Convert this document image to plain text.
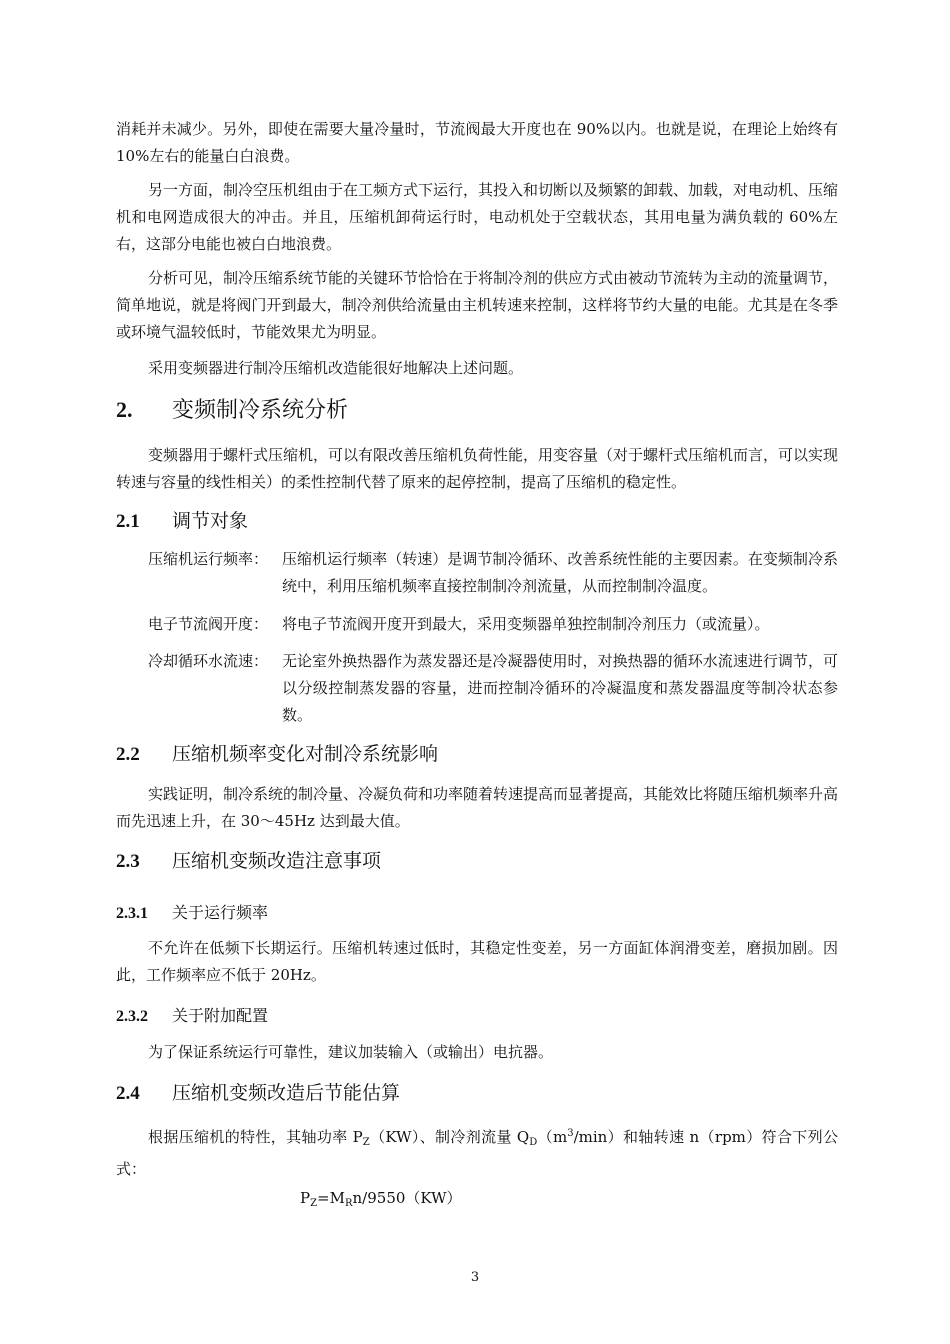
消耗并未减少。另外，即使在需要大量冷量时，节流阀最大开度也在 90%以内。也就是说，在理论上始终有 10%左右的能量白白浪费。

另一方面，制冷空压机组由于在工频方式下运行，其投入和切断以及频繁的卸载、加载，对电动机、压缩机和电网造成很大的冲击。并且，压缩机卸荷运行时，电动机处于空载状态，其用电量为满负载的 60%左右，这部分电能也被白白地浪费。

分析可见，制冷压缩系统节能的关键环节恰恰在于将制冷剂的供应方式由被动节流转为主动的流量调节，简单地说，就是将阀门开到最大，制冷剂供给流量由主机转速来控制，这样将节约大量的电能。尤其是在冬季或环境气温较低时，节能效果尤为明显。

采用变频器进行制冷压缩机改造能很好地解决上述问题。

2. 变频制冷系统分析

变频器用于螺杆式压缩机，可以有限改善压缩机负荷性能，用变容量（对于螺杆式压缩机而言，可以实现转速与容量的线性相关）的柔性控制代替了原来的起停控制，提高了压缩机的稳定性。

2.1 调节对象
压缩机运行频率： 压缩机运行频率（转速）是调节制冷循环、改善系统性能的主要因素。在变频制冷系统中，利用压缩机频率直接控制制冷剂流量，从而控制制冷温度。
电子节流阀开度： 将电子节流阀开度开到最大，采用变频器单独控制制冷剂压力（或流量）。
冷却循环水流速： 无论室外换热器作为蒸发器还是冷凝器使用时，对换热器的循环水流速进行调节，可以分级控制蒸发器的容量，进而控制冷循环的冷凝温度和蒸发器温度等制冷状态参数。
2.2 压缩机频率变化对制冷系统影响

实践证明，制冷系统的制冷量、冷凝负荷和功率随着转速提高而显著提高，其能效比将随压缩机频率升高而先迅速上升，在 30～45Hz 达到最大值。

2.3 压缩机变频改造注意事项
2.3.1 关于运行频率

不允许在低频下长期运行。压缩机转速过低时，其稳定性变差，另一方面缸体润滑变差，磨损加剧。因此，工作频率应不低于 20Hz。

2.3.2 关于附加配置

为了保证系统运行可靠性，建议加装输入（或输出）电抗器。

2.4 压缩机变频改造后节能估算

根据压缩机的特性，其轴功率 $P_Z(KW)$、制冷剂流量 $Q_D(m^3/\min)$和轴转速 n（rpm）符合下列公式：

$P_Z=M_Rn/9550(KW)$
3
